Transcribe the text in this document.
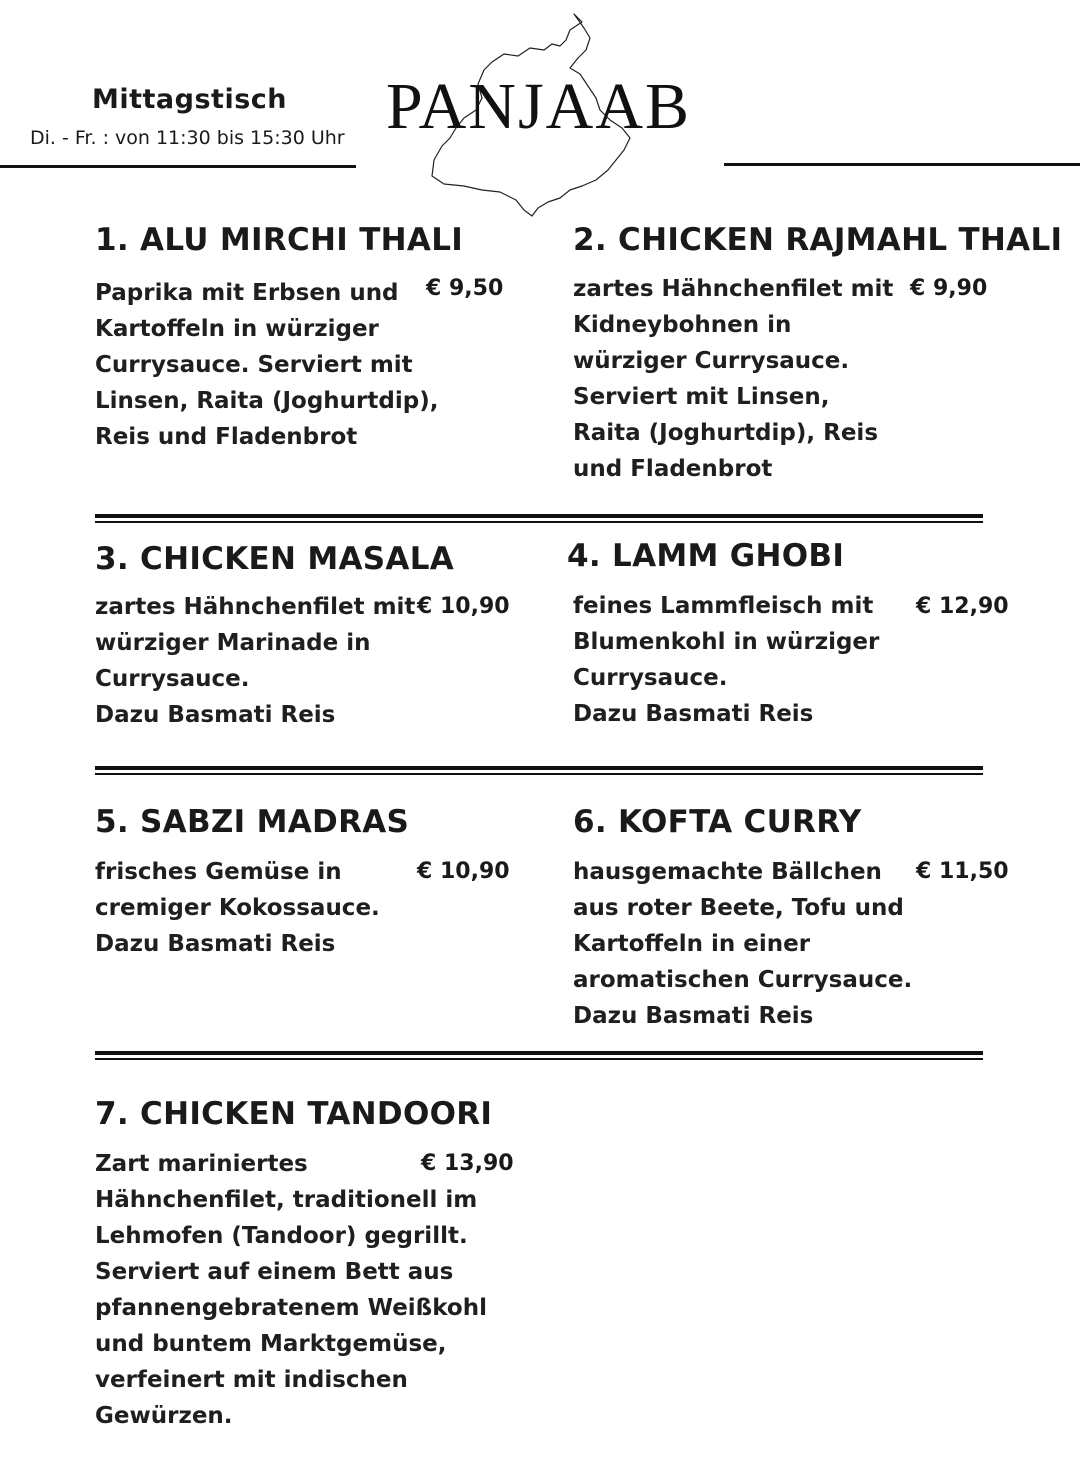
Mittagstisch
Di. - Fr. : von 11:30 bis 15:30 Uhr PANJAAB
1. ALU MIRCHI THALI
Paprika mit Erbsen und
Kartoffeln in würziger
Currysauce. Serviert mit
Linsen, Raita (Joghurtdip),
Reis und Fladenbrot
€ 9,50
2. CHICKEN RAJMAHL THALI
zartes Hähnchenfilet mit
Kidneybohnen in
würziger Currysauce.
Serviert mit Linsen,
Raita (Joghurtdip), Reis
und Fladenbrot
€ 9,90
3. CHICKEN MASALA
zartes Hähnchenfilet mit
würziger Marinade in
Currysauce.
Dazu Basmati Reis
€ 10,90
4. LAMM GHOBI
feines Lammfleisch mit
Blumenkohl in würziger
Currysauce.
Dazu Basmati Reis
€ 12,90
5. SABZI MADRAS
frisches Gemüse in
cremiger Kokossauce.
Dazu Basmati Reis
€ 10,90
6. KOFTA CURRY
hausgemachte Bällchen
aus roter Beete, Tofu und
Kartoffeln in einer
aromatischen Currysauce.
Dazu Basmati Reis
€ 11,50
7. CHICKEN TANDOORI
Zart mariniertes
Hähnchenfilet, traditionell im
Lehmofen (Tandoor) gegrillt.
Serviert auf einem Bett aus
pfannengebratenem Weißkohl
und buntem Marktgemüse,
verfeinert mit indischen
Gewürzen.
€ 13,90
